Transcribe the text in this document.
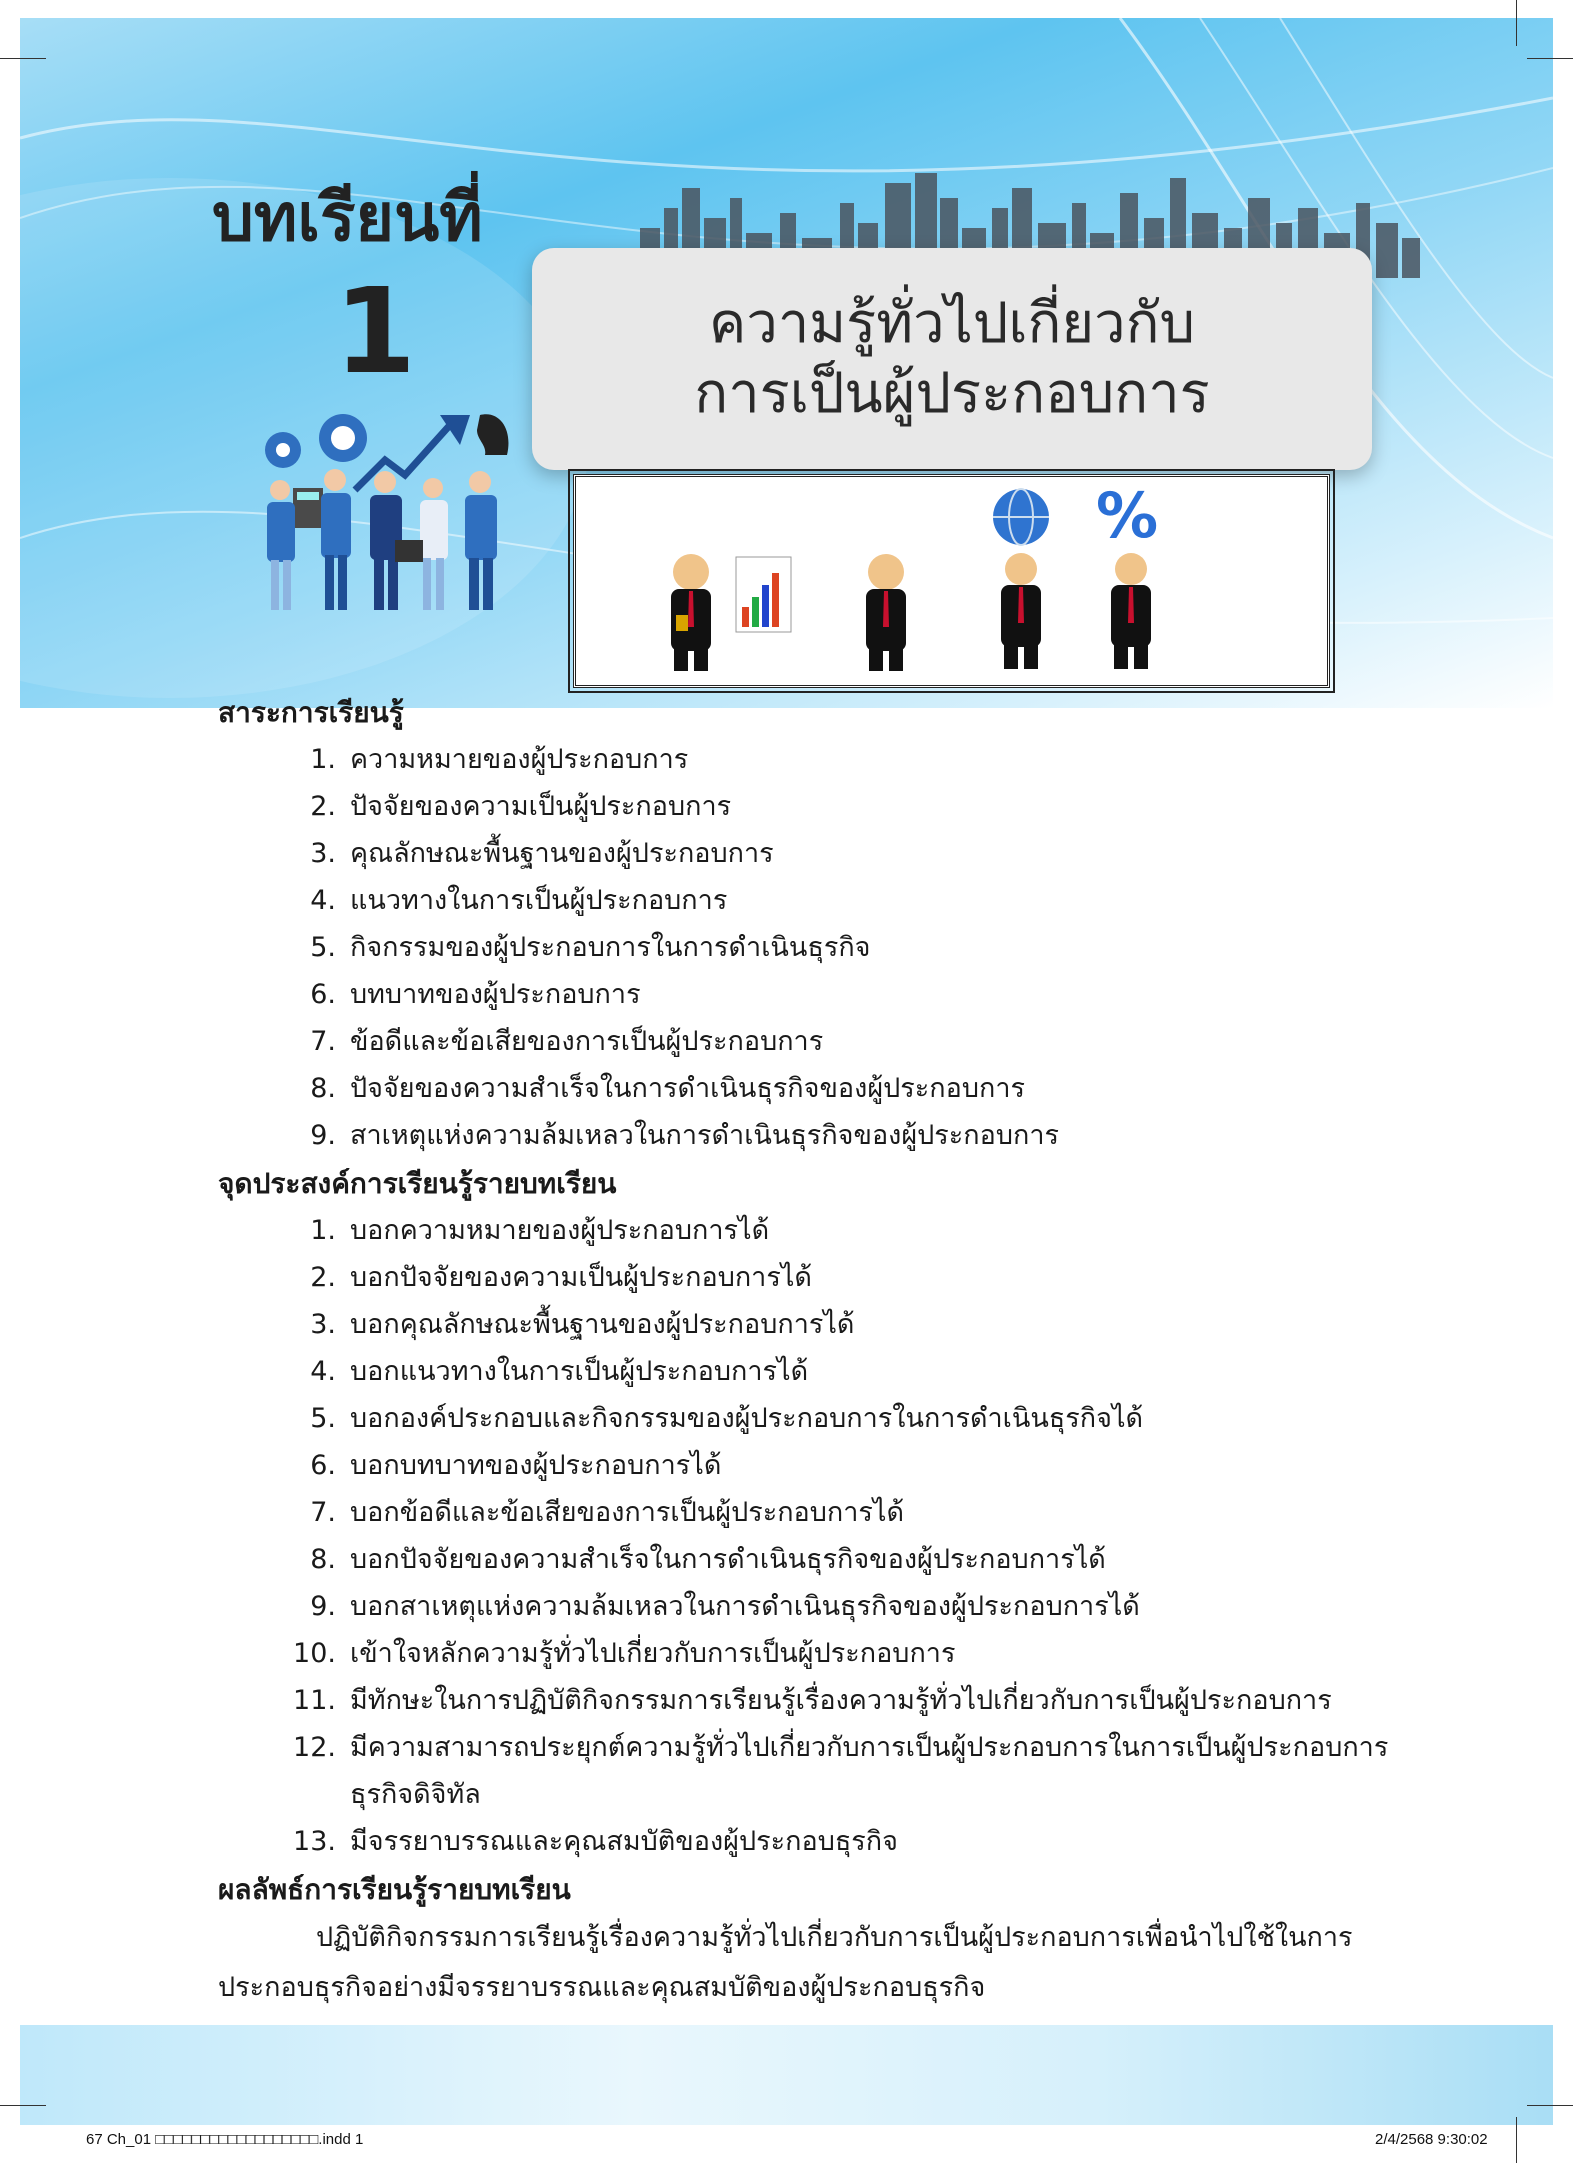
บทเรียนที่
1	ความรู้ทั่วไปเกี่ยวกับ
การเป็นผู้ประกอบการ
%
สาระการเรียนรู้
1. ความหมายของผู้ประกอบการ
2. ปัจจัยของความเป็นผู้ประกอบการ
3. คุณลักษณะพื้นฐานของผู้ประกอบการ
4. แนวทางในการเป็นผู้ประกอบการ
5. กิจกรรมของผู้ประกอบการในการดำเนินธุรกิจ
6. บทบาทของผู้ประกอบการ
7. ข้อดีและข้อเสียของการเป็นผู้ประกอบการ
8. ปัจจัยของความสำเร็จในการดำเนินธุรกิจของผู้ประกอบการ
9. สาเหตุแห่งความล้มเหลวในการดำเนินธุรกิจของผู้ประกอบการ
จุดประสงค์การเรียนรู้รายบทเรียน
1. บอกความหมายของผู้ประกอบการได้
2. บอกปัจจัยของความเป็นผู้ประกอบการได้
3. บอกคุณลักษณะพื้นฐานของผู้ประกอบการได้
4. บอกแนวทางในการเป็นผู้ประกอบการได้
5. บอกองค์ประกอบและกิจกรรมของผู้ประกอบการในการดำเนินธุรกิจได้
6. บอกบทบาทของผู้ประกอบการได้
7. บอกข้อดีและข้อเสียของการเป็นผู้ประกอบการได้
8. บอกปัจจัยของความสำเร็จในการดำเนินธุรกิจของผู้ประกอบการได้
9. บอกสาเหตุแห่งความล้มเหลวในการดำเนินธุรกิจของผู้ประกอบการได้
10. เข้าใจหลักความรู้ทั่วไปเกี่ยวกับการเป็นผู้ประกอบการ
11. มีทักษะในการปฏิบัติกิจกรรมการเรียนรู้เรื่องความรู้ทั่วไปเกี่ยวกับการเป็นผู้ประกอบการ
12. มีความสามารถประยุกต์ความรู้ทั่วไปเกี่ยวกับการเป็นผู้ประกอบการในการเป็นผู้ประกอบการธุรกิจดิจิทัล
13. มีจรรยาบรรณและคุณสมบัติของผู้ประกอบธุรกิจ
ผลลัพธ์การเรียนรู้รายบทเรียน

ปฏิบัติกิจกรรมการเรียนรู้เรื่องความรู้ทั่วไปเกี่ยวกับการเป็นผู้ประกอบการเพื่อนำไปใช้ในการประกอบธุรกิจอย่างมีจรรยาบรรณและคุณสมบัติของผู้ประกอบธุรกิจ

67 Ch_01 □□□□□□□□□□□□□□□□□□.indd 1	2/4/2568 9:30:02
